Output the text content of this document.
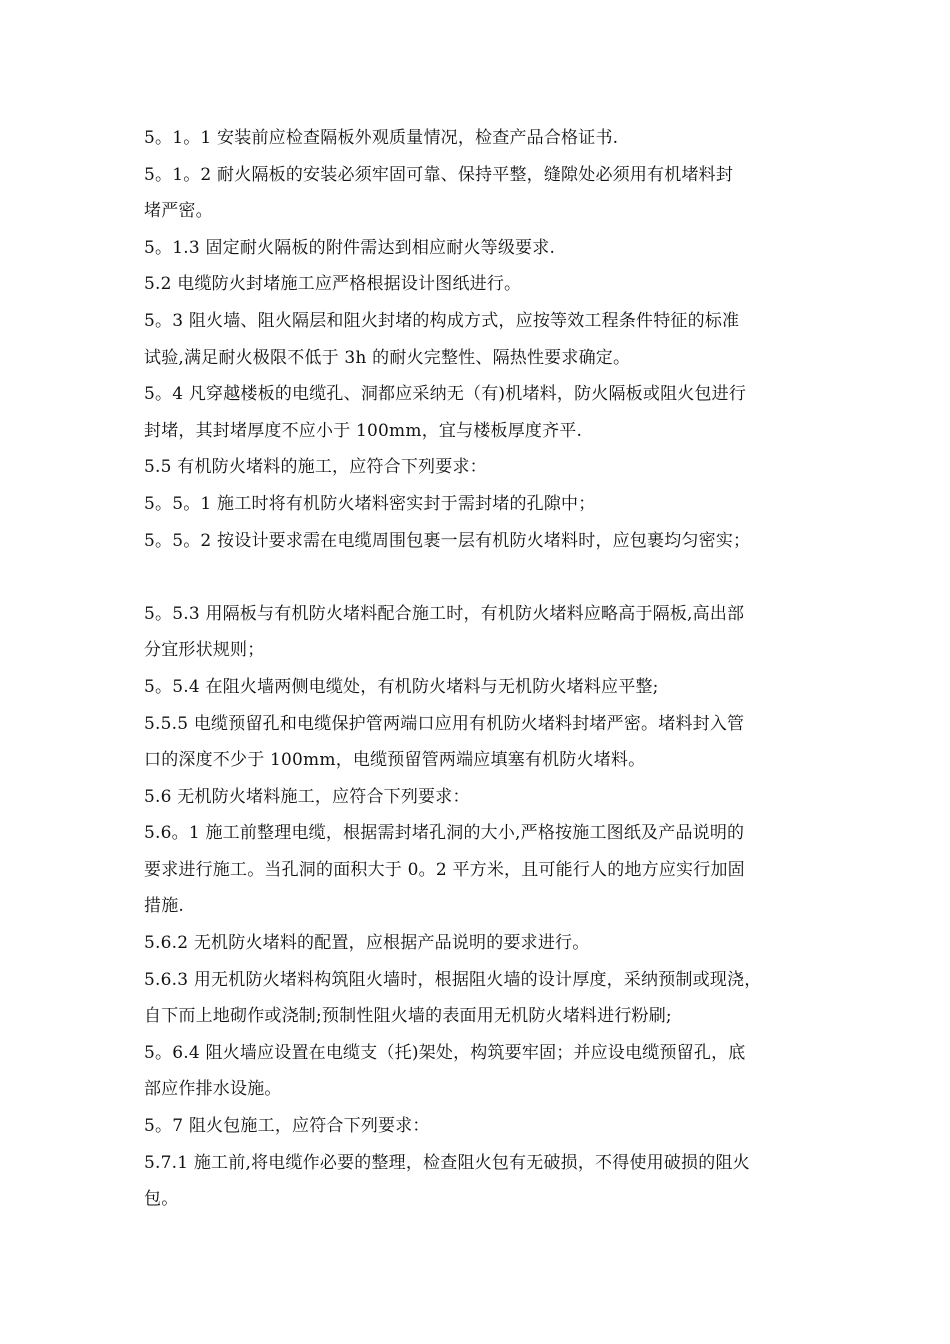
5。1。1 安装前应检查隔板外观质量情况，检查产品合格证书.
5。1。2 耐火隔板的安装必须牢固可靠、保持平整，缝隙处必须用有机堵料封
堵严密。
5。1.3 固定耐火隔板的附件需达到相应耐火等级要求.
5.2 电缆防火封堵施工应严格根据设计图纸进行。
5。3 阻火墙、阻火隔层和阻火封堵的构成方式，应按等效工程条件特征的标准
试验,满足耐火极限不低于 3h 的耐火完整性、隔热性要求确定。
5。4 凡穿越楼板的电缆孔、洞都应采纳无（有)机堵料，防火隔板或阻火包进行
封堵，其封堵厚度不应小于 100mm，宜与楼板厚度齐平.
5.5 有机防火堵料的施工，应符合下列要求：
5。5。1 施工时将有机防火堵料密实封于需封堵的孔隙中；
5。5。2 按设计要求需在电缆周围包裹一层有机防火堵料时，应包裹均匀密实；
5。5.3 用隔板与有机防火堵料配合施工时，有机防火堵料应略高于隔板,高出部
分宜形状规则；
5。5.4 在阻火墙两侧电缆处，有机防火堵料与无机防火堵料应平整;
5.5.5 电缆预留孔和电缆保护管两端口应用有机防火堵料封堵严密。堵料封入管
口的深度不少于 100mm，电缆预留管两端应填塞有机防火堵料。
5.6 无机防火堵料施工，应符合下列要求：
5.6。1 施工前整理电缆，根据需封堵孔洞的大小,严格按施工图纸及产品说明的
要求进行施工。当孔洞的面积大于 0。2 平方米，且可能行人的地方应实行加固
措施.
5.6.2 无机防火堵料的配置，应根据产品说明的要求进行。
5.6.3 用无机防火堵料构筑阻火墙时，根据阻火墙的设计厚度，采纳预制或现浇，
自下而上地砌作或浇制;预制性阻火墙的表面用无机防火堵料进行粉刷;
5。6.4 阻火墙应设置在电缆支（托)架处，构筑要牢固；并应设电缆预留孔，底
部应作排水设施。
5。7 阻火包施工，应符合下列要求：
5.7.1 施工前,将电缆作必要的整理，检查阻火包有无破损，不得使用破损的阻火
包。
